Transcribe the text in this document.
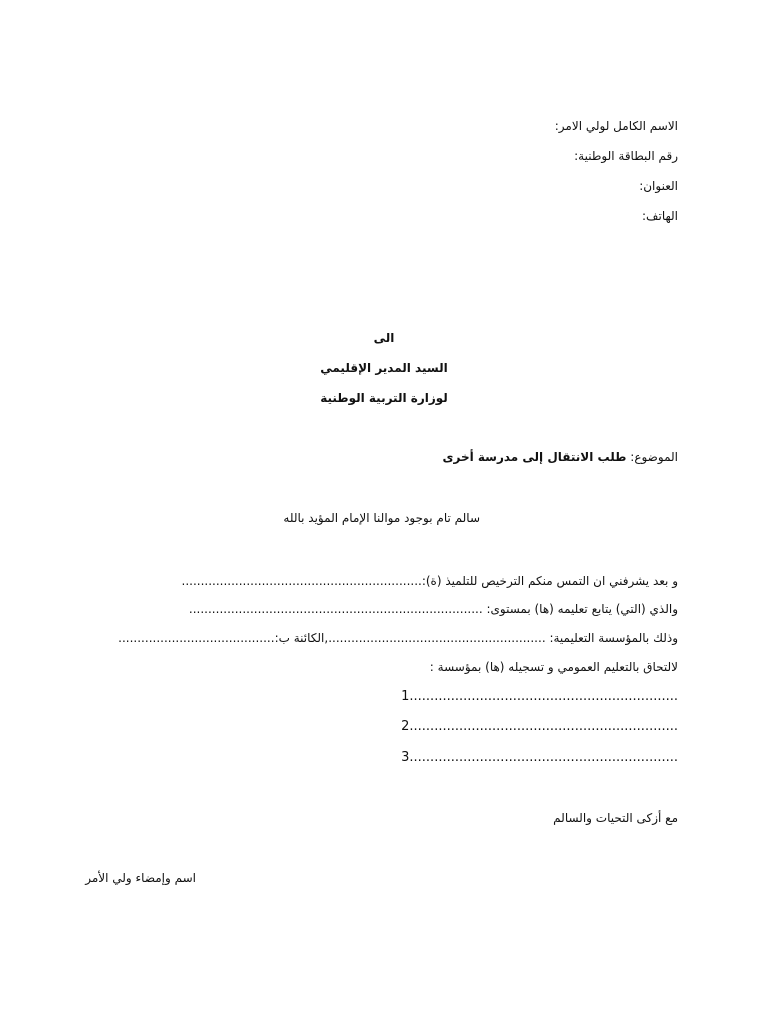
الاسم الكامل لولي الامر:
رقم البطاقة الوطنية:
العنوان:
الهاتف:
الى
السيد المدير الإقليمي
لوزارة التربية الوطنية
الموضوع: طلب الانتقال إلى مدرسة أخرى
سالم تام بوجود موالنا الإمام المؤيد بالله
و بعد يشرفني ان التمس منكم الترخيص للتلميذ (ة):...............................................................
والذي (التي) يتابع تعليمه (ها) بمستوى: .............................................................................
وذلك بالمؤسسة التعليمية: .........................................................,الكائنة ب:.........................................
لالتحاق بالتعليم العمومي و تسجيله (ها) بمؤسسة :
1.................................................................
2.................................................................
3.................................................................
مع أزكى التحيات والسالم
اسم وإمضاء ولي الأمر
